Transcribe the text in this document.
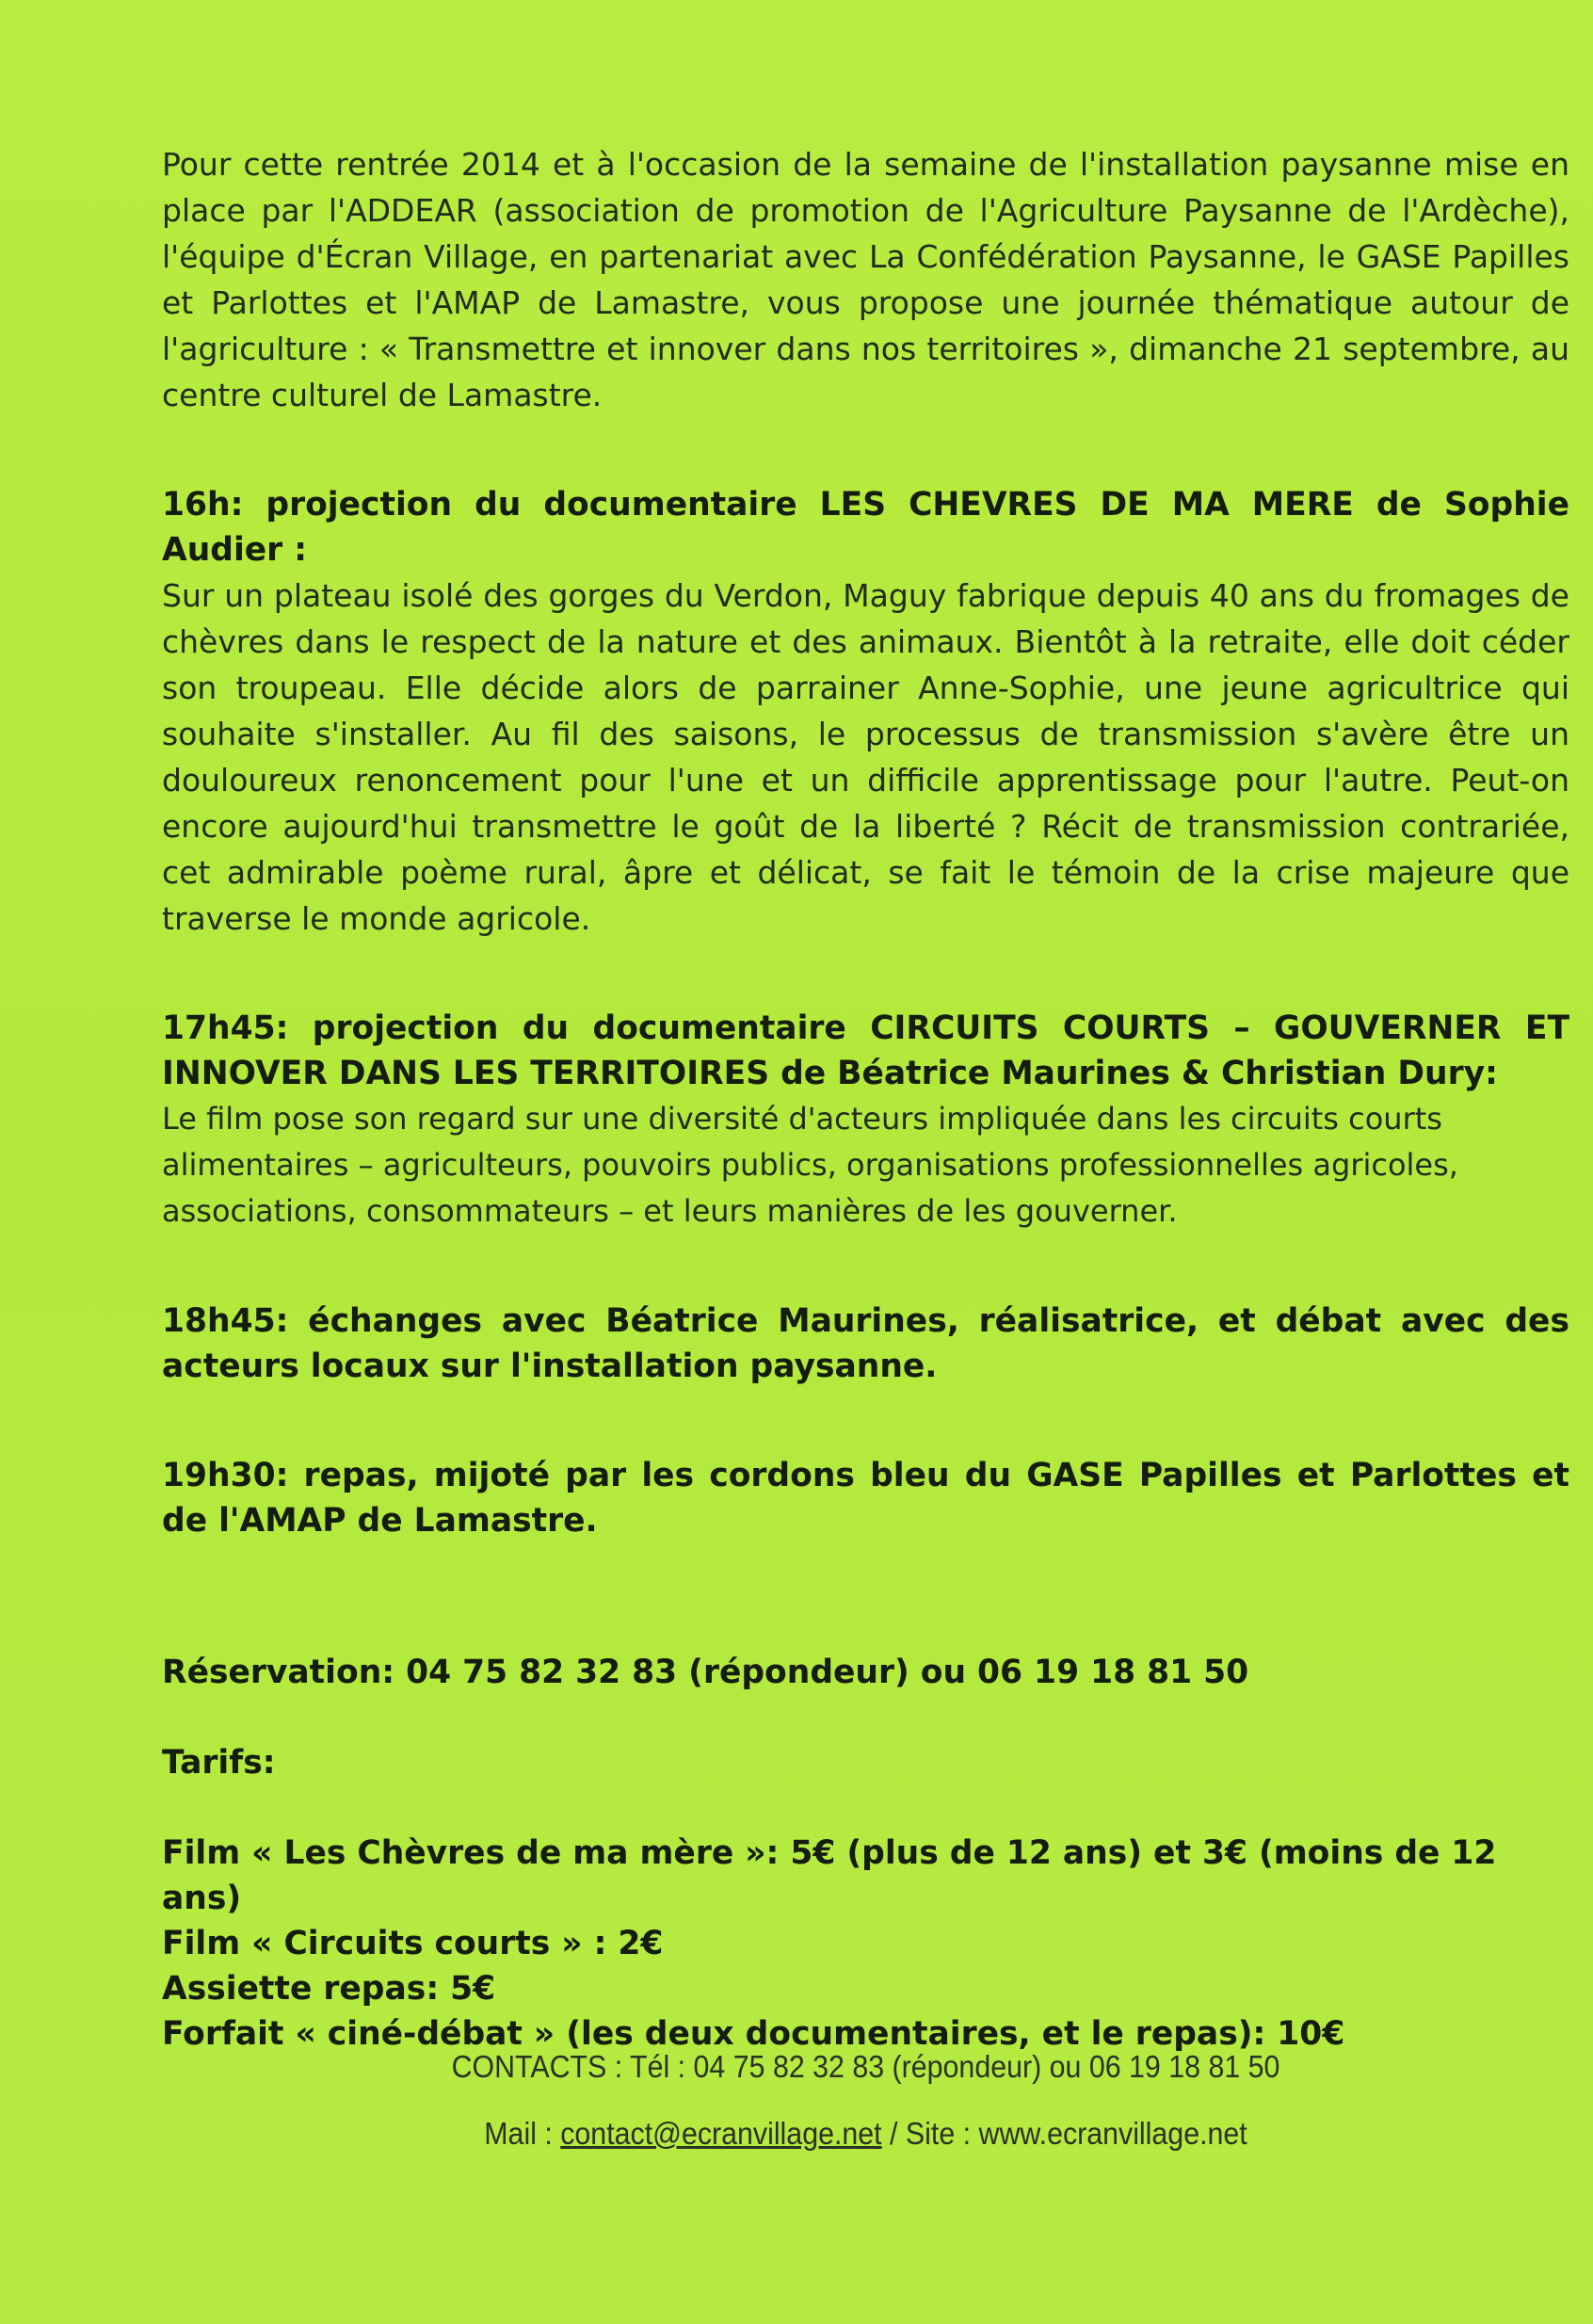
Pour cette rentrée 2014 et à l'occasion de la semaine de l'installation paysanne mise en place par l'ADDEAR (association de promotion de l'Agriculture Paysanne de l'Ardèche), l'équipe d'Écran Village, en partenariat avec La Confédération Paysanne, le GASE Papilles et Parlottes et l'AMAP de Lamastre, vous propose une journée thématique autour de l'agriculture : « Transmettre et innover dans nos territoires », dimanche 21 septembre, au centre culturel de Lamastre.

16h: projection du documentaire LES CHEVRES DE MA MERE de Sophie Audier :

Sur un plateau isolé des gorges du Verdon, Maguy fabrique depuis 40 ans du fromages de chèvres dans le respect de la nature et des animaux. Bientôt à la retraite, elle doit céder son troupeau. Elle décide alors de parrainer Anne-Sophie, une jeune agricultrice qui souhaite s'installer. Au fil des saisons, le processus de transmission s'avère être un douloureux renoncement pour l'une et un difficile apprentissage pour l'autre. Peut-on encore aujourd'hui transmettre le goût de la liberté ? Récit de transmission contrariée, cet admirable poème rural, âpre et délicat, se fait le témoin de la crise majeure que traverse le monde agricole.

17h45: projection du documentaire CIRCUITS COURTS – GOUVERNER ET INNOVER DANS LES TERRITOIRES de Béatrice Maurines & Christian Dury:

Le film pose son regard sur une diversité d'acteurs impliquée dans les circuits courts alimentaires – agriculteurs, pouvoirs publics, organisations professionnelles agricoles, associations, consommateurs – et leurs manières de les gouverner.

18h45: échanges avec Béatrice Maurines, réalisatrice, et débat avec des acteurs locaux sur l'installation paysanne.

19h30: repas, mijoté par les cordons bleu du GASE Papilles et Parlottes et de l'AMAP de Lamastre.

Réservation: 04 75 82 32 83 (répondeur) ou 06 19 18 81 50

Tarifs:

Film « Les Chèvres de ma mère »: 5€ (plus de 12 ans) et 3€ (moins de 12 ans)
Film « Circuits courts » : 2€
Assiette repas: 5€
Forfait « ciné-débat » (les deux documentaires, et le repas): 10€
CONTACTS : Tél : 04 75 82 32 83 (répondeur) ou 06 19 18 81 50
Mail : contact@ecranvillage.net / Site : www.ecranvillage.net
